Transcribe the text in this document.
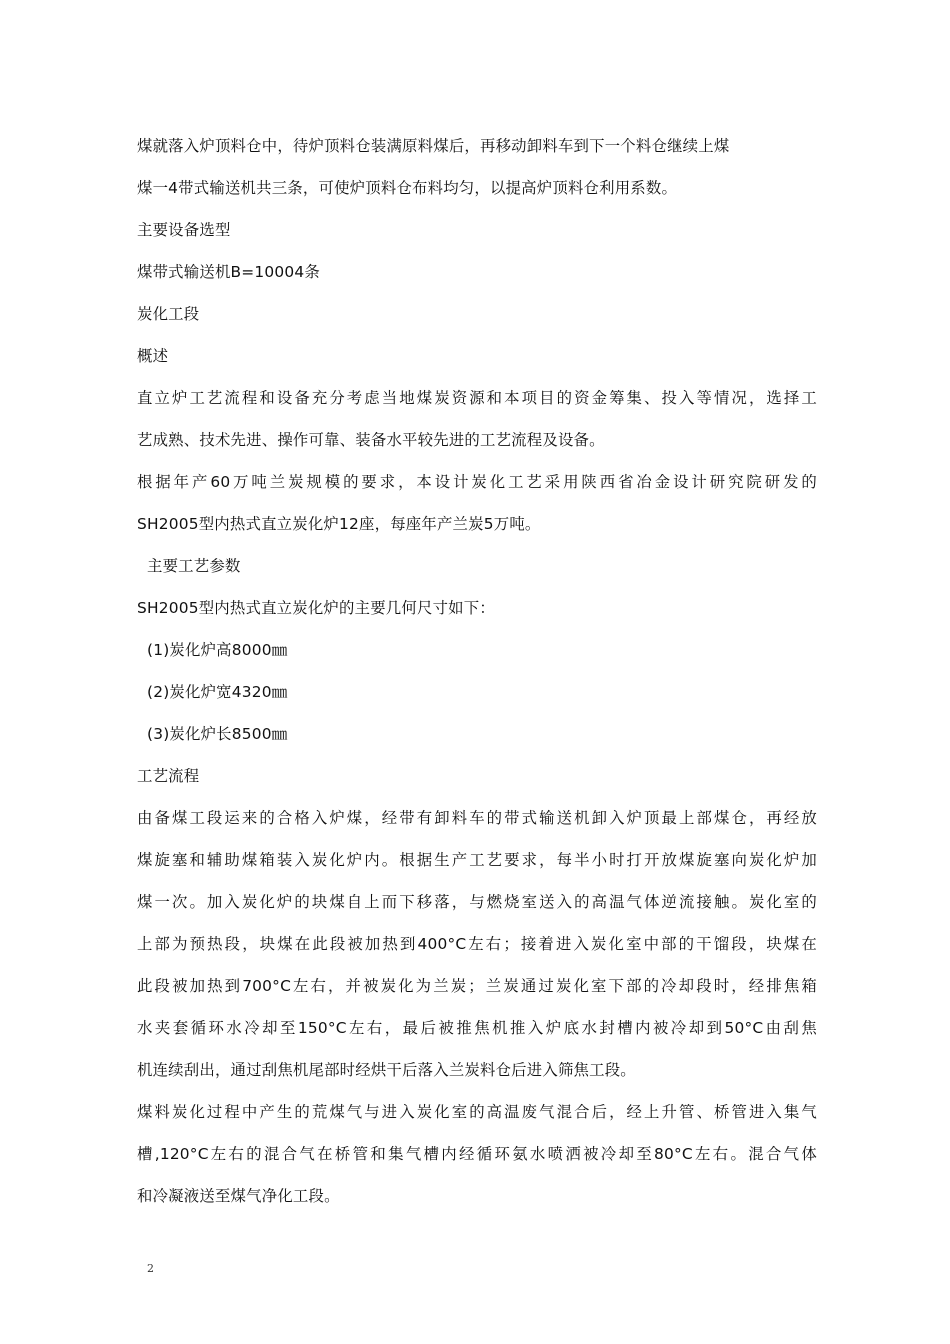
煤就落入炉顶料仓中，待炉顶料仓装满原料煤后，再移动卸料车到下一个料仓继续上煤
煤一4带式输送机共三条，可使炉顶料仓布料均匀，以提高炉顶料仓利用系数。
主要设备选型
煤带式输送机B=10004条
炭化工段
概述
直立炉工艺流程和设备充分考虑当地煤炭资源和本项目的资金筹集、投入等情况，选择工
艺成熟、技术先进、操作可靠、装备水平较先进的工艺流程及设备。
根据年产60万吨兰炭规模的要求，本设计炭化工艺采用陕西省冶金设计研究院研发的
SH2005型内热式直立炭化炉12座，每座年产兰炭5万吨。
主要工艺参数
SH2005型内热式直立炭化炉的主要几何尺寸如下：
(1)炭化炉高8000㎜
(2)炭化炉宽4320㎜
(3)炭化炉长8500㎜
工艺流程
由备煤工段运来的合格入炉煤，经带有卸料车的带式输送机卸入炉顶最上部煤仓，再经放
煤旋塞和辅助煤箱装入炭化炉内。根据生产工艺要求，每半小时打开放煤旋塞向炭化炉加
煤一次。加入炭化炉的块煤自上而下移落，与燃烧室送入的高温气体逆流接触。炭化室的
上部为预热段，块煤在此段被加热到400°C左右；接着进入炭化室中部的干馏段，块煤在
此段被加热到700°C左右，并被炭化为兰炭；兰炭通过炭化室下部的冷却段时，经排焦箱
水夹套循环水冷却至150°C左右，最后被推焦机推入炉底水封槽内被冷却到50°C由刮焦
机连续刮出，通过刮焦机尾部时经烘干后落入兰炭料仓后进入筛焦工段。
煤料炭化过程中产生的荒煤气与进入炭化室的高温废气混合后，经上升管、桥管进入集气
槽,120°C左右的混合气在桥管和集气槽内经循环氨水喷洒被冷却至80°C左右。混合气体
和冷凝液送至煤气净化工段。
2
